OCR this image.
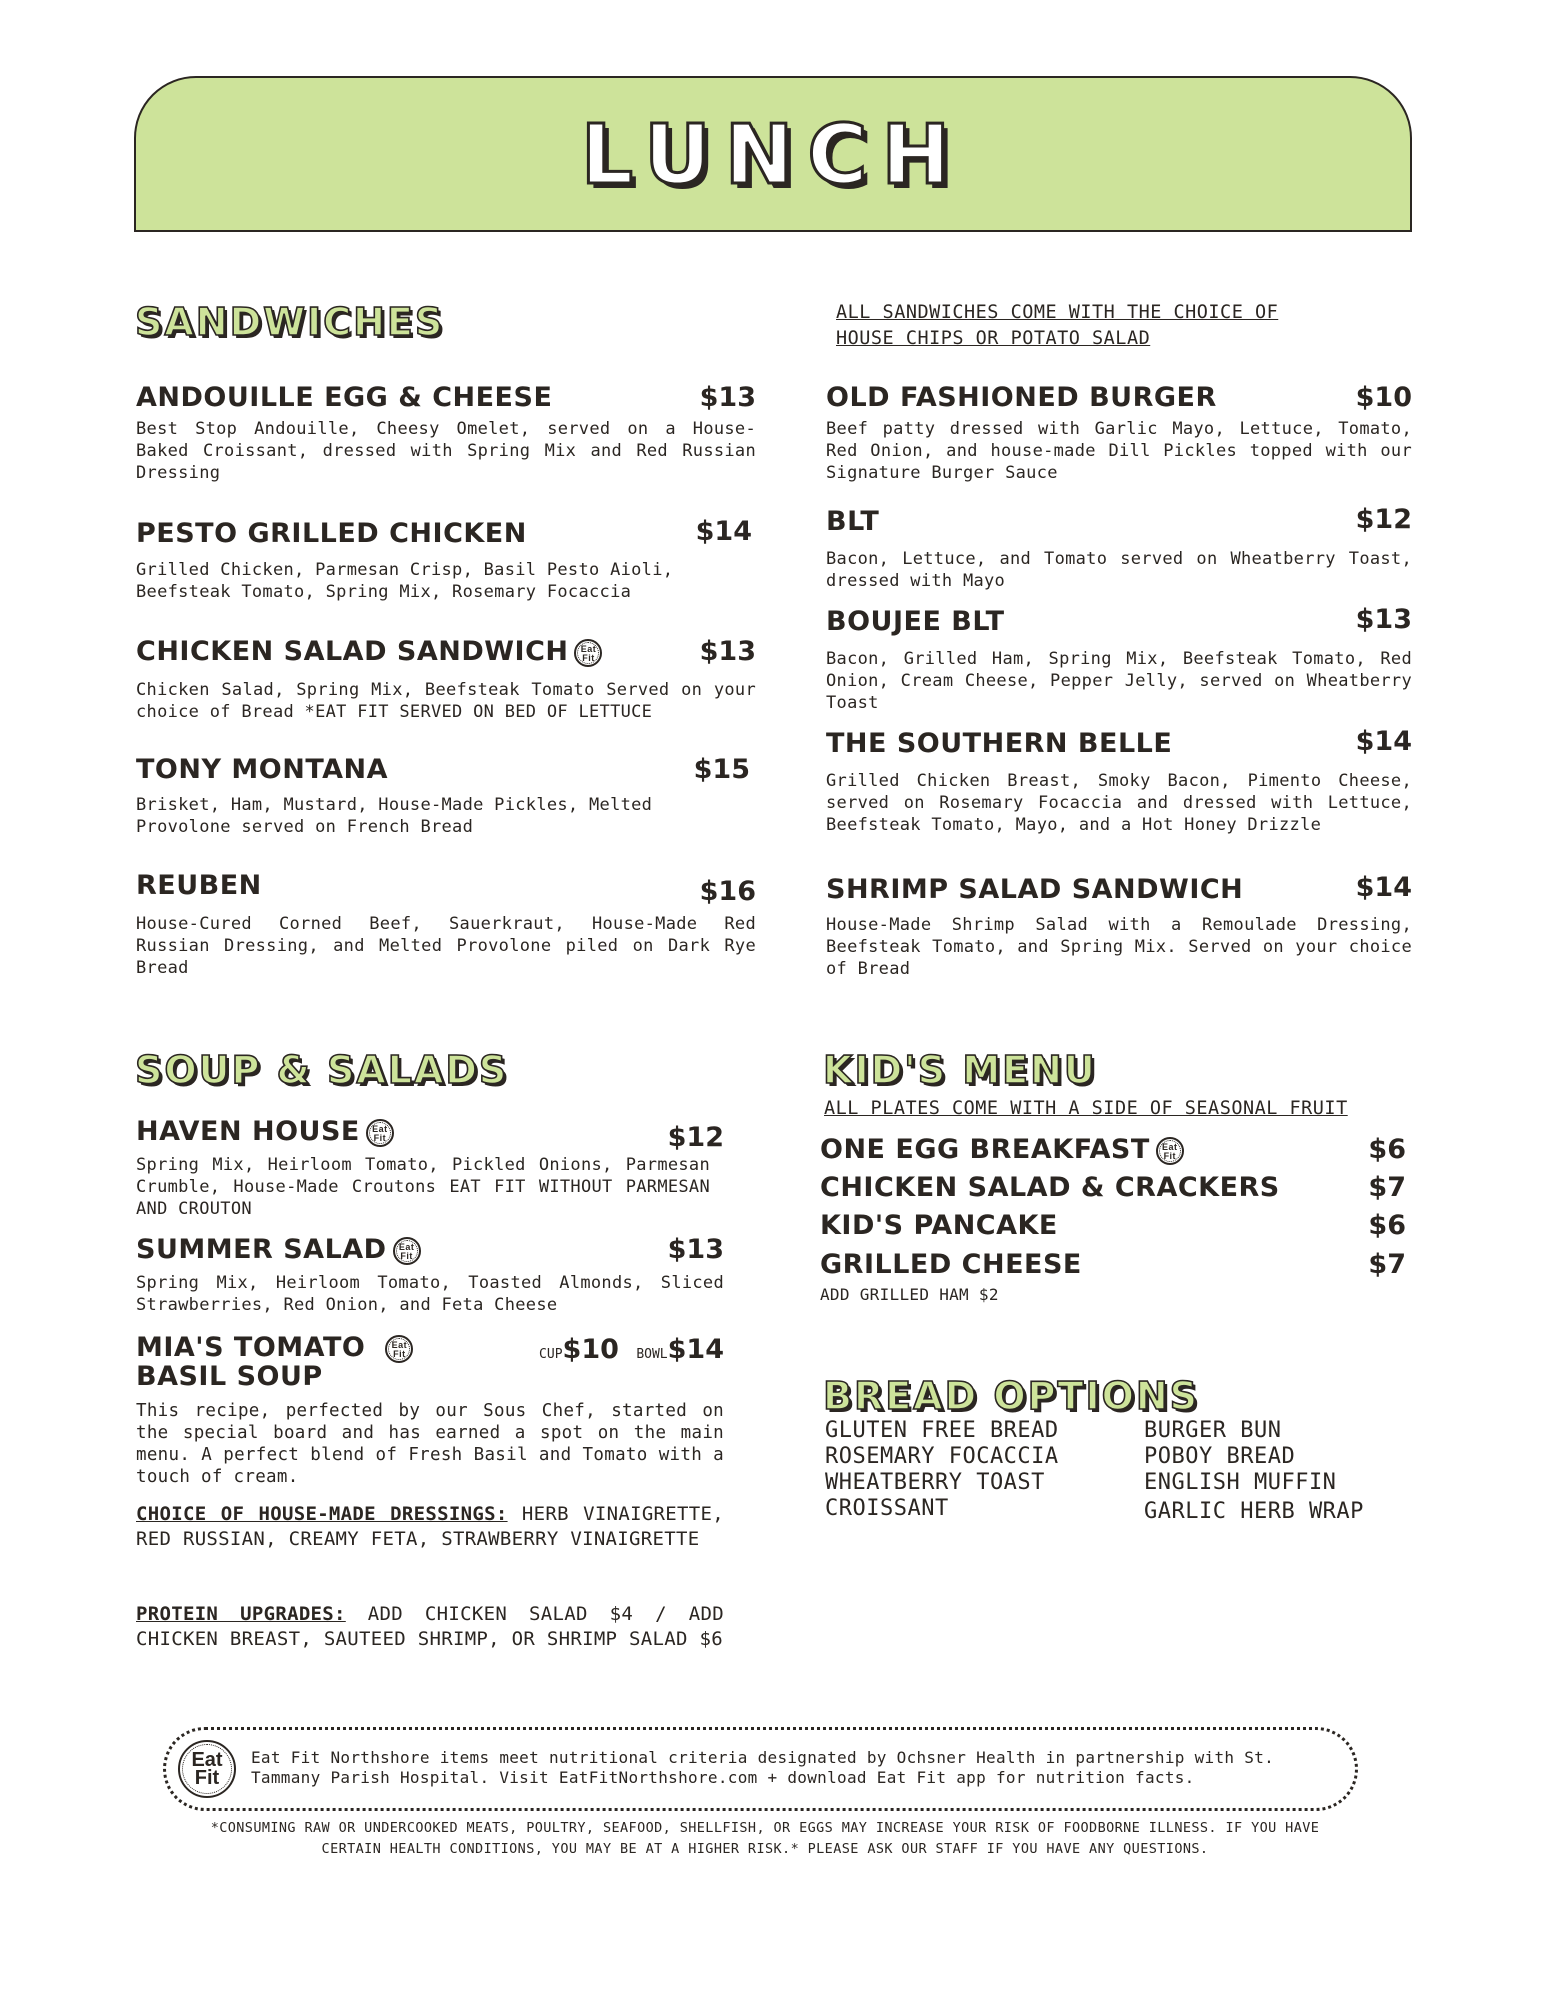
LUNCH
SANDWICHES	ALL SANDWICHES COME WITH THE CHOICE OF
HOUSE CHIPS OR POTATO SALAD
ANDOUILLE EGG & CHEESE	$13
Best Stop Andouille, Cheesy Omelet, served on a House-Baked Croissant, dressed with Spring Mix and Red Russian Dressing
PESTO GRILLED CHICKEN	$14
Grilled Chicken, Parmesan Crisp, Basil Pesto Aioli, Beefsteak Tomato, Spring Mix, Rosemary Focaccia
CHICKEN SALAD SANDWICH Eat
Fit	$13
Chicken Salad, Spring Mix, Beefsteak Tomato Served on your choice of Bread *EAT FIT SERVED ON BED OF LETTUCE
TONY MONTANA	$15
Brisket, Ham, Mustard, House-Made Pickles, Melted Provolone served on French Bread
REUBEN	$16
House-Cured Corned Beef, Sauerkraut, House-Made Red Russian Dressing, and Melted Provolone piled on Dark Rye Bread
OLD FASHIONED BURGER	$10
Beef patty dressed with Garlic Mayo, Lettuce, Tomato, Red Onion, and house-made Dill Pickles topped with our Signature Burger Sauce
BLT	$12
Bacon, Lettuce, and Tomato served on Wheatberry Toast, dressed with Mayo
BOUJEE BLT	$13
Bacon, Grilled Ham, Spring Mix, Beefsteak Tomato, Red Onion, Cream Cheese, Pepper Jelly, served on Wheatberry Toast
THE SOUTHERN BELLE	$14
Grilled Chicken Breast, Smoky Bacon, Pimento Cheese, served on Rosemary Focaccia and dressed with Lettuce, Beefsteak Tomato, Mayo, and a Hot Honey Drizzle
SHRIMP SALAD SANDWICH	$14
House-Made Shrimp Salad with a Remoulade Dressing, Beefsteak Tomato, and Spring Mix. Served on your choice of Bread
SOUP & SALADS
HAVEN HOUSE Eat
Fit	$12
Spring Mix, Heirloom Tomato, Pickled Onions, Parmesan Crumble, House-Made Croutons EAT FIT WITHOUT PARMESAN AND CROUTON
SUMMER SALAD Eat
Fit	$13
Spring Mix, Heirloom Tomato, Toasted Almonds, Sliced Strawberries, Red Onion, and Feta Cheese
MIA'S TOMATO	Eat
Fit
BASIL SOUP
CUP$10 BOWL$14
This recipe, perfected by our Sous Chef, started on the special board and has earned a spot on the main menu. A perfect blend of Fresh Basil and Tomato with a touch of cream.
CHOICE OF HOUSE-MADE DRESSINGS: HERB VINAIGRETTE, RED RUSSIAN, CREAMY FETA, STRAWBERRY VINAIGRETTE
PROTEIN UPGRADES: ADD CHICKEN SALAD $4 / ADD CHICKEN BREAST, SAUTEED SHRIMP, OR SHRIMP SALAD $6
KID'S MENU
ALL PLATES COME WITH A SIDE OF SEASONAL FRUIT
ONE EGG BREAKFAST Eat
Fit	$6
CHICKEN SALAD & CRACKERS	$7
KID'S PANCAKE	$6
GRILLED CHEESE	$7
ADD GRILLED HAM $2
BREAD OPTIONS
GLUTEN FREE BREAD
ROSEMARY FOCACCIA
WHEATBERRY TOAST
CROISSANT
BURGER BUN
POBOY BREAD
ENGLISH MUFFIN
GARLIC HERB WRAP
Eat
Fit
Eat Fit Northshore items meet nutritional criteria designated by Ochsner Health in partnership with St. Tammany Parish Hospital. Visit EatFitNorthshore.com + download Eat Fit app for nutrition facts.
*CONSUMING RAW OR UNDERCOOKED MEATS, POULTRY, SEAFOOD, SHELLFISH, OR EGGS MAY INCREASE YOUR RISK OF FOODBORNE ILLNESS. IF YOU HAVE CERTAIN HEALTH CONDITIONS, YOU MAY BE AT A HIGHER RISK.* PLEASE ASK OUR STAFF IF YOU HAVE ANY QUESTIONS.
